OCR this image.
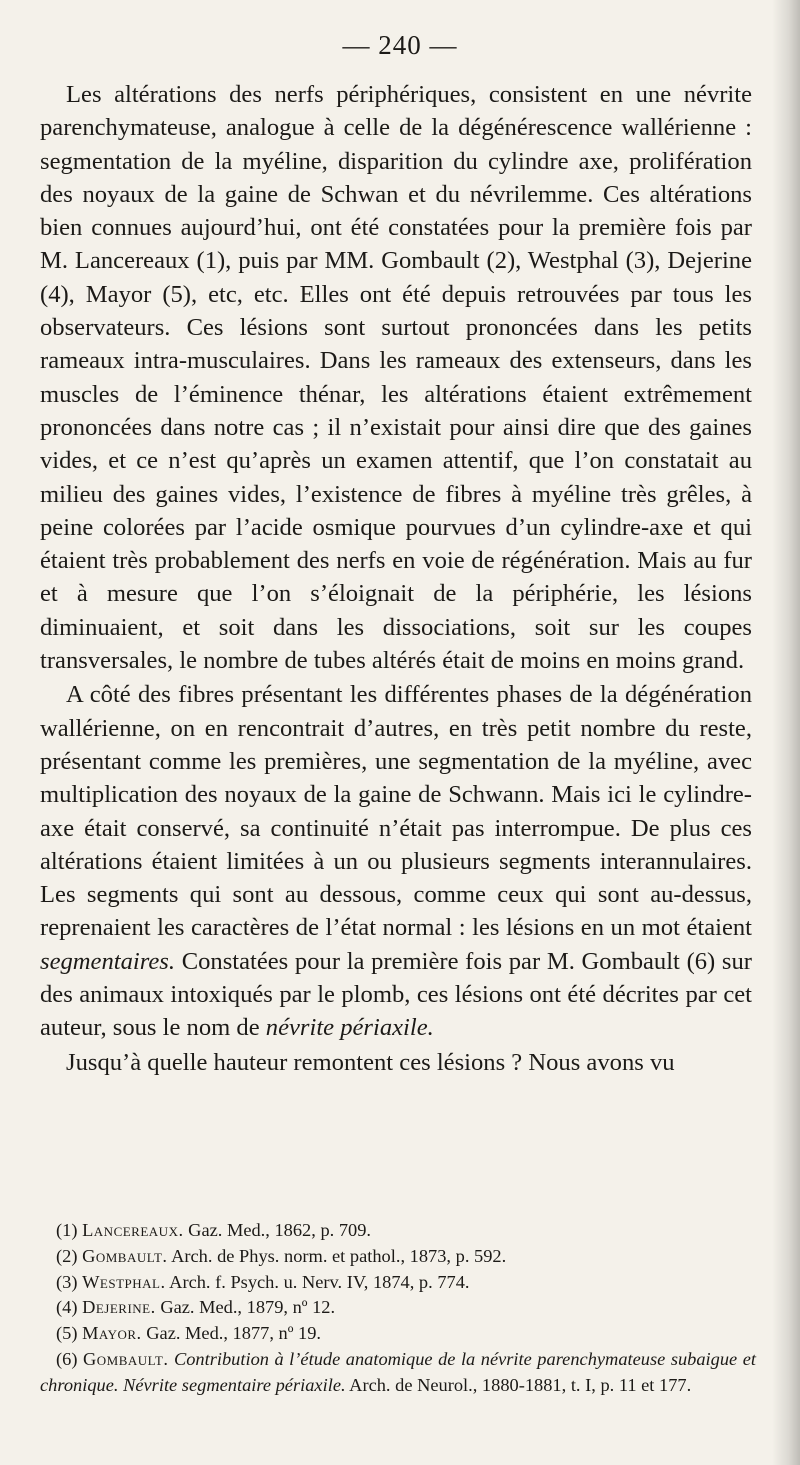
— 240 —

Les altérations des nerfs périphériques, consistent en une névrite parenchymateuse, analogue à celle de la dégénérescence wallérienne : segmentation de la myéline, disparition du cylindre axe, prolifération des noyaux de la gaine de Schwan et du névrilemme. Ces altérations bien connues aujourd’hui, ont été constatées pour la première fois par M. Lancereaux (1), puis par MM. Gombault (2), Westphal (3), Dejerine (4), Mayor (5), etc, etc. Elles ont été depuis retrouvées par tous les observateurs. Ces lésions sont surtout prononcées dans les petits rameaux intra-musculaires. Dans les rameaux des extenseurs, dans les muscles de l’éminence thénar, les altérations étaient extrêmement prononcées dans notre cas ; il n’existait pour ainsi dire que des gaines vides, et ce n’est qu’après un examen attentif, que l’on constatait au milieu des gaines vides, l’existence de fibres à myéline très grêles, à peine colorées par l’acide osmique pourvues d’un cylindre-axe et qui étaient très probablement des nerfs en voie de régénération. Mais au fur et à mesure que l’on s’éloignait de la périphérie, les lésions diminuaient, et soit dans les dissociations, soit sur les coupes transversales, le nombre de tubes altérés était de moins en moins grand.

A côté des fibres présentant les différentes phases de la dégénération wallérienne, on en rencontrait d’autres, en très petit nombre du reste, présentant comme les premières, une segmentation de la myéline, avec multiplication des noyaux de la gaine de Schwann. Mais ici le cylindre-axe était conservé, sa continuité n’était pas interrompue. De plus ces altérations étaient limitées à un ou plusieurs segments interannulaires. Les segments qui sont au dessous, comme ceux qui sont au-dessus, reprenaient les caractères de l’état normal : les lésions en un mot étaient segmentaires. Constatées pour la première fois par M. Gombault (6) sur des animaux intoxiqués par le plomb, ces lésions ont été décrites par cet auteur, sous le nom de névrite périaxile.

Jusqu’à quelle hauteur remontent ces lésions ? Nous avons vu

(1) Lancereaux. Gaz. Med., 1862, p. 709.

(2) Gombault. Arch. de Phys. norm. et pathol., 1873, p. 592.

(3) Westphal. Arch. f. Psych. u. Nerv. IV, 1874, p. 774.

(4) Dejerine. Gaz. Med., 1879, nº 12.

(5) Mayor. Gaz. Med., 1877, nº 19.

(6) Gombault. Contribution à l’étude anatomique de la névrite parenchymateuse subaigue et chronique. Névrite segmentaire périaxile. Arch. de Neurol., 1880-1881, t. I, p. 11 et 177.
